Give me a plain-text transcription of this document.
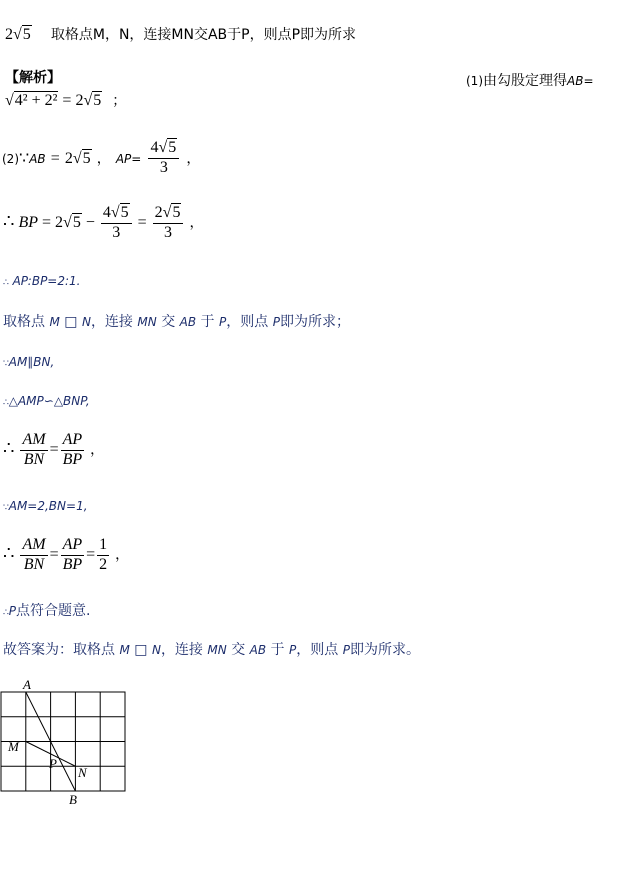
2√5 取格点M，N，连接MN交AB于P，则点P即为所求
【解析】	(1)由勾股定理得AB=
√4² + 2² = 2√5 ；
(2)∵AB = 2√5 ， $AP= \frac{4√5}{3}$ ，
∴ BP = $2√5 - \frac{4√5}{3} = \frac{2√5}{3}$ ，
∴ AP:BP=2:1.
取格点 M □ N，连接 MN 交 AB 于 P，则点 P即为所求；
∵AM∥BN,
∴△AMP∽△BNP,
∴ $\frac{AM}{BN} = \frac{AP}{BP}$ ，
∵AM=2,BN=1,
∴ $\frac{AM}{BN} = \frac{AP}{BP} = \frac{1}{2}$ ，
∴P点符合题意.
故答案为：取格点 M □ N，连接 MN 交 AB 于 P，则点 P即为所求。
A
M
P
N
B
